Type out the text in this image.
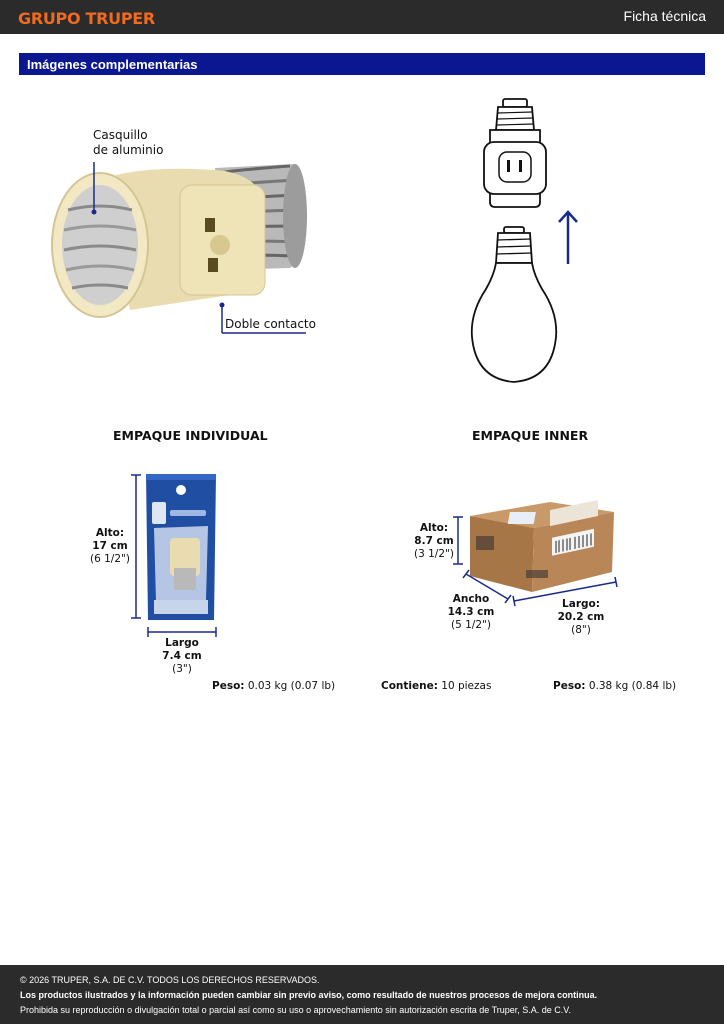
GRUPO TRUPER	Ficha técnica
Imágenes complementarias
Casquillo
de aluminio
Doble contacto
EMPAQUE INDIVIDUAL	EMPAQUE INNER
Alto:
17 cm
(6 1/2")
Largo
7.4 cm
(3")
Peso: 0.03 kg (0.07 lb)
Alto:
8.7 cm
(3 1/2")
Ancho
14.3 cm
(5 1/2")
Largo:
20.2 cm
(8")
Contiene: 10 piezas	Peso: 0.38 kg (0.84 lb)
© 2026 TRUPER, S.A. DE C.V. TODOS LOS DERECHOS RESERVADOS.
Los productos ilustrados y la información pueden cambiar sin previo aviso, como resultado de nuestros procesos de mejora continua.
Prohibida su reproducción o divulgación total o parcial así como su uso o aprovechamiento sin autorización escrita de Truper, S.A. de C.V.
